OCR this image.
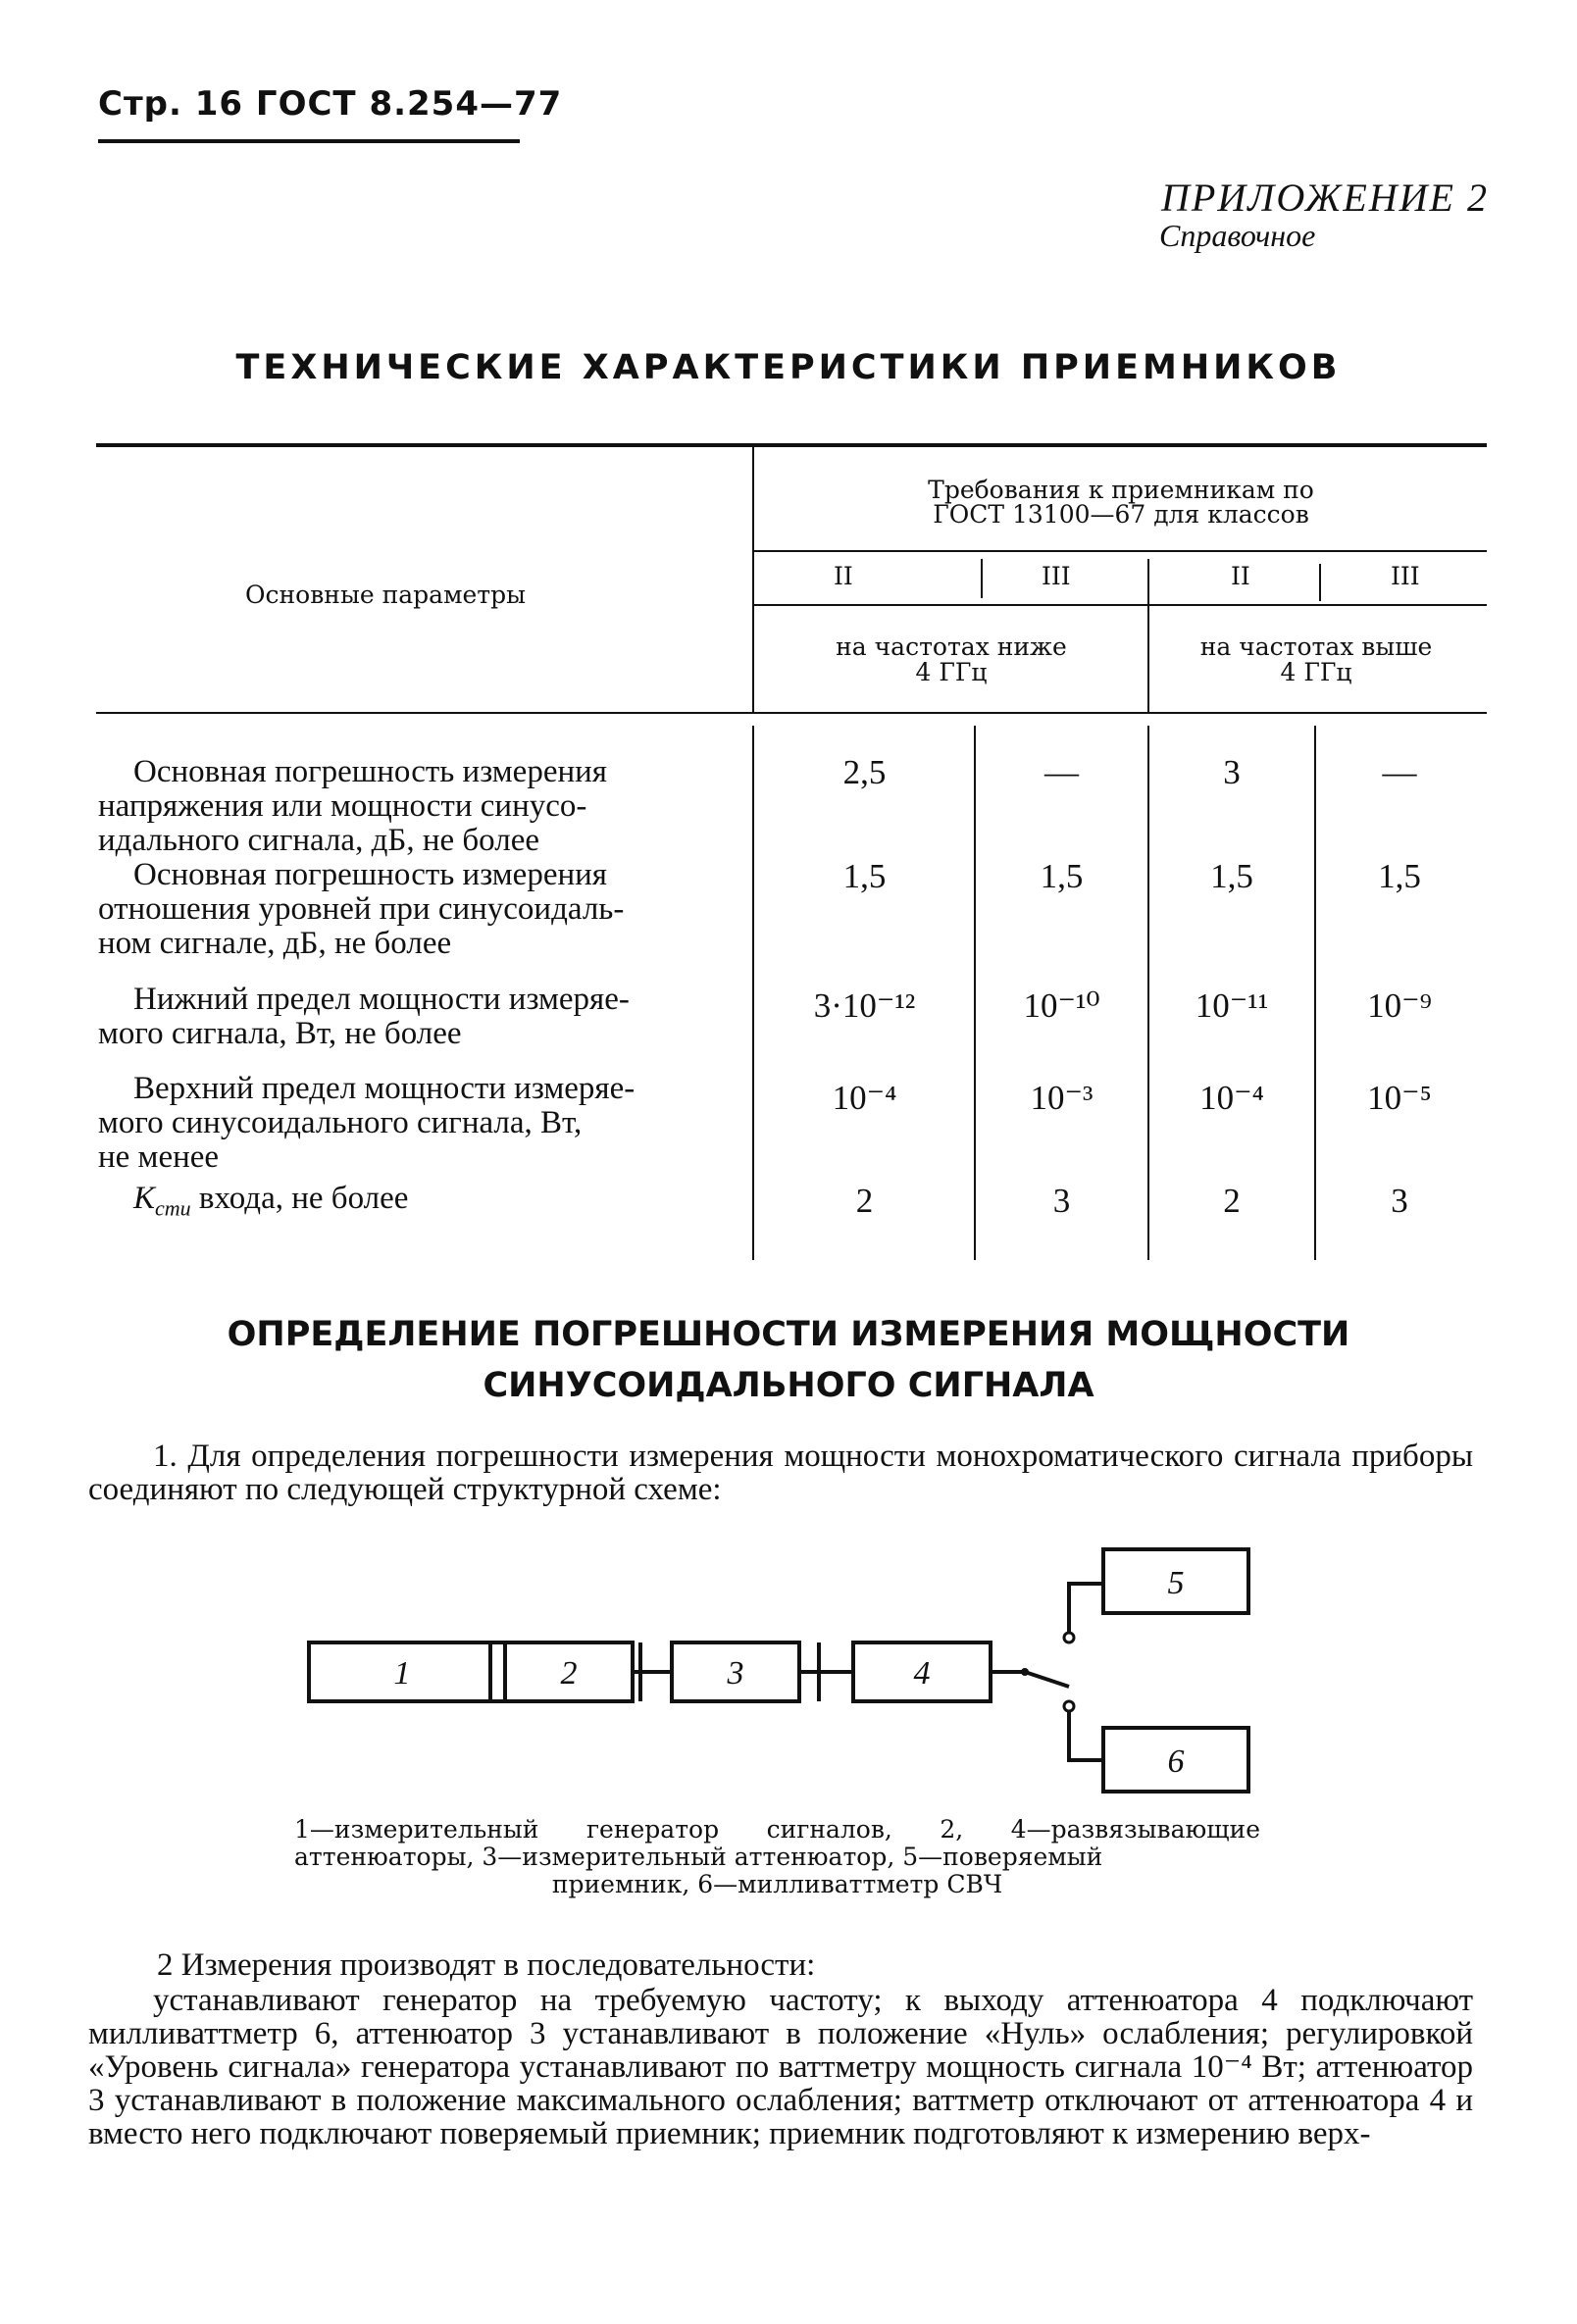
Стр. 16 ГОСТ 8.254—77
ПРИЛОЖЕНИЕ 2
Справочное
ТЕХНИЧЕСКИЕ ХАРАКТЕРИСТИКИ ПРИЕМНИКОВ
Основные параметры
Требования к приемникам по
ГОСТ 13100—67 для классов
II	III	II	III
на частотах ниже
4 ГГц
на частотах выше
4 ГГц
Основная погрешность измерения
напряжения или мощности синусо-
идального сигнала, дБ, не более
2,5	—	3	—
Основная погрешность измерения
отношения уровней при синусоидаль-
ном сигнале, дБ, не более
1,5	1,5	1,5	1,5
Нижний предел мощности измеряе-
мого сигнала, Вт, не более
3·10⁻¹²	10⁻¹⁰	10⁻¹¹	10⁻⁹
Верхний предел мощности измеряе-
мого синусоидального сигнала, Вт,
не менее
10⁻⁴	10⁻³	10⁻⁴	10⁻⁵
$K_{сти}$ входа, не более	2	3	2	3
ОПРЕДЕЛЕНИЕ ПОГРЕШНОСТИ ИЗМЕРЕНИЯ МОЩНОСТИ
СИНУСОИДАЛЬНОГО СИГНАЛА
1. Для определения погрешности измерения мощности монохроматического сигнала приборы соединяют по следующей структурной схеме:
1	2	3	4
5
6
1—измерительный генератор сигналов, 2, 4—развязывающие аттенюаторы, 3—измерительный аттенюатор, 5—поверяемый
приемник, 6—милливаттметр СВЧ
2 Измерения производят в последовательности:
устанавливают генератор на требуемую частоту; к выходу аттенюатора 4 подключают милливаттметр 6, аттенюатор 3 устанавливают в положение «Нуль» ослабления; регулировкой «Уровень сигнала» генератора устанавливают по ваттметру мощность сигнала 10⁻⁴ Вт; аттенюатор 3 устанавливают в положение максимального ослабления; ваттметр отключают от аттенюатора 4 и вместо него подключают поверяемый приемник; приемник подготовляют к измерению верх-
